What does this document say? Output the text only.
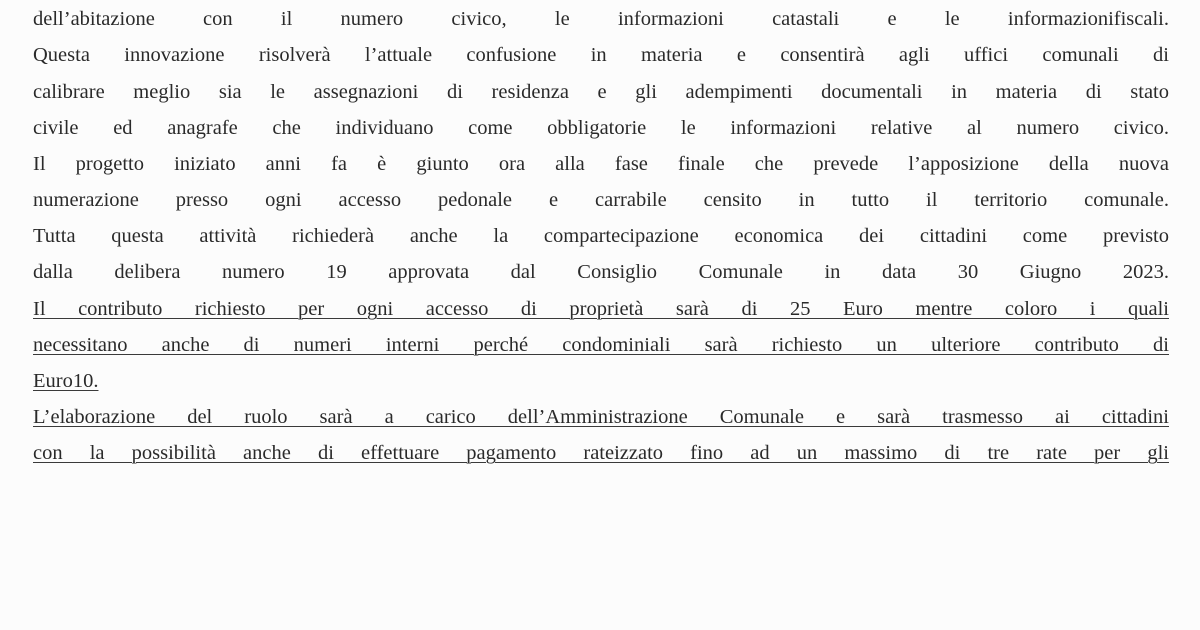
dell’abitazione con il numero civico, le informazioni catastali e le informazionifiscali.
Questa innovazione risolverà l’attuale confusione in materia e consentirà agli uffici comunali di
calibrare meglio sia le assegnazioni di residenza e gli adempimenti documentali in materia di stato
civile ed anagrafe che individuano come obbligatorie le informazioni relative al numero civico.
Il progetto iniziato anni fa è giunto ora alla fase finale che prevede l’apposizione della nuova
numerazione presso ogni accesso pedonale e carrabile censito in tutto il territorio comunale.
Tutta questa attività richiederà anche la compartecipazione economica dei cittadini come previsto
dalla delibera numero 19 approvata dal Consiglio Comunale in data 30 Giugno 2023.
Il contributo richiesto per ogni accesso di proprietà sarà di 25 Euro mentre coloro i quali
necessitano anche di numeri interni perché condominiali sarà richiesto un ulteriore contributo di
Euro10.
L’elaborazione del ruolo sarà a carico dell’Amministrazione Comunale e sarà trasmesso ai cittadini
con la possibilità anche di effettuare pagamento rateizzato fino ad un massimo di tre rate per gli
